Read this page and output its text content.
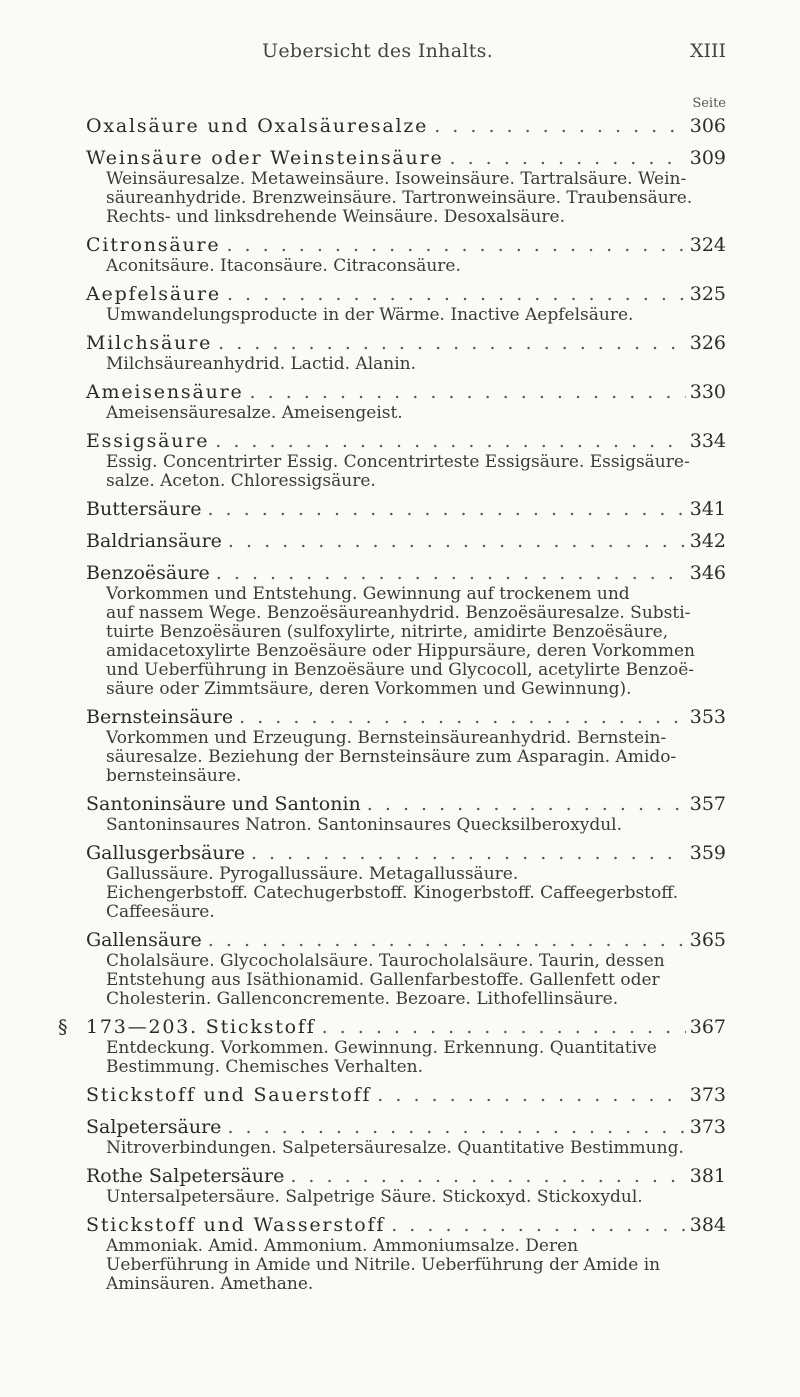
Uebersicht des Inhalts.	XIII
Seite
Oxalsäure und Oxalsäuresalze . . .	306
Weinsäure oder Weinsteinsäure . . .	309
Weinsäuresalze. Metaweinsäure. Isoweinsäure. Tartralsäure. Wein-
säureanhydride. Brenzweinsäure. Tartronweinsäure. Traubensäure.
Rechts- und linksdrehende Weinsäure. Desoxalsäure.
Citronsäure . . .	324
Aconitsäure. Itaconsäure. Citraconsäure.
Aepfelsäure . . .	325
Umwandelungsproducte in der Wärme. Inactive Aepfelsäure.
Milchsäure . . .	326
Milchsäureanhydrid. Lactid. Alanin.
Ameisensäure . . .	330
Ameisensäuresalze. Ameisengeist.
Essigsäure . . .	334
Essig. Concentrirter Essig. Concentrirteste Essigsäure. Essigsäure-
salze. Aceton. Chloressigsäure.
Buttersäure . . .	341
Baldriansäure . . .	342
Benzoësäure . . .	346
Vorkommen und Entstehung. Gewinnung auf trockenem und
auf nassem Wege. Benzoësäureanhydrid. Benzoësäuresalze. Substi-
tuirte Benzoësäuren (sulfoxylirte, nitrirte, amidirte Benzoësäure,
amidacetoxylirte Benzoësäure oder Hippursäure, deren Vorkommen
und Ueberführung in Benzoësäure und Glycocoll, acetylirte Benzoë-
säure oder Zimmtsäure, deren Vorkommen und Gewinnung).
Bernsteinsäure . . .	353
Vorkommen und Erzeugung. Bernsteinsäureanhydrid. Bernstein-
säuresalze. Beziehung der Bernsteinsäure zum Asparagin. Amido-
bernsteinsäure.
Santoninsäure und Santonin . . .	357
Santoninsaures Natron. Santoninsaures Quecksilberoxydul.
Gallusgerbsäure . . .	359
Gallussäure. Pyrogallussäure. Metagallussäure.
Eichengerbstoff. Catechugerbstoff. Kinogerbstoff. Caffeegerbstoff.
Caffeesäure.
Gallensäure . . .	365
Cholalsäure. Glycocholalsäure. Taurocholalsäure. Taurin, dessen
Entstehung aus Isäthionamid. Gallenfarbestoffe. Gallenfett oder
Cholesterin. Gallenconcremente. Bezoare. Lithofellinsäure.
§ 173—203. Stickstoff . . .	367
Entdeckung. Vorkommen. Gewinnung. Erkennung. Quantitative
Bestimmung. Chemisches Verhalten.
Stickstoff und Sauerstoff . . .	373
Salpetersäure . . .	373
Nitroverbindungen. Salpetersäuresalze. Quantitative Bestimmung.
Rothe Salpetersäure . . .	381
Untersalpetersäure. Salpetrige Säure. Stickoxyd. Stickoxydul.
Stickstoff und Wasserstoff . . .	384
Ammoniak. Amid. Ammonium. Ammoniumsalze. Deren
Ueberführung in Amide und Nitrile. Ueberführung der Amide in
Aminsäuren. Amethane.
